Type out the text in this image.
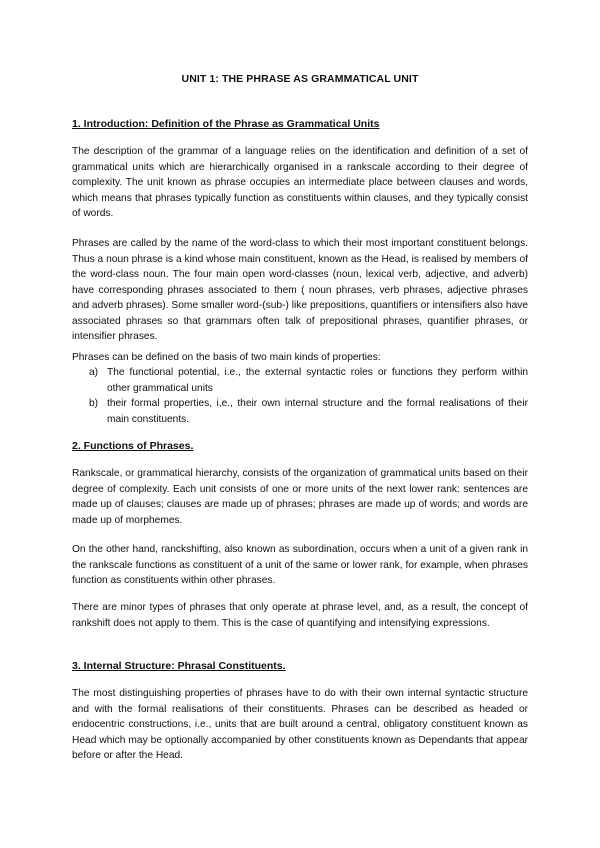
UNIT 1: THE PHRASE AS GRAMMATICAL UNIT
1. Introduction: Definition of the Phrase as Grammatical Units

The description of the grammar of a language relies on the identification and definition of a set of grammatical units which are hierarchically organised in a rankscale according to their degree of complexity. The unit known as phrase occupies an intermediate place between clauses and words, which means that phrases typically function as constituents within clauses, and they typically consist of words.

Phrases are called by the name of the word-class to which their most important constituent belongs. Thus a noun phrase is a kind whose main constituent, known as the Head, is realised by members of the word-class noun. The four main open word-classes (noun, lexical verb, adjective, and adverb) have corresponding phrases associated to them ( noun phrases, verb phrases, adjective phrases and adverb phrases). Some smaller word-(sub-) like prepositions, quantifiers or intensifiers also have associated phrases so that grammars often talk of prepositional phrases, quantifier phrases, or intensifier phrases.

Phrases can be defined on the basis of two main kinds of properties:

a) The functional potential, i.e., the external syntactic roles or functions they perform within other grammatical units
b) their formal properties, i,e., their own internal structure and the formal realisations of their main constituents.
2. Functions of Phrases.

Rankscale, or grammatical hierarchy, consists of the organization of grammatical units based on their degree of complexity. Each unit consists of one or more units of the next lower rank: sentences are made up of clauses; clauses are made up of phrases; phrases are made up of words; and words are made up of morphemes.

On the other hand, ranckshifting, also known as subordination, occurs when a unit of a given rank in the rankscale functions as constituent of a unit of the same or lower rank, for example, when phrases function as constituents within other phrases.

There are minor types of phrases that only operate at phrase level, and, as a result, the concept of rankshift does not apply to them. This is the case of quantifying and intensifying expressions.

3. Internal Structure: Phrasal Constituents.

The most distinguishing properties of phrases have to do with their own internal syntactic structure and with the formal realisations of their constituents. Phrases can be described as headed or endocentric constructions, i.e., units that are built around a central, obligatory constituent known as Head which may be optionally accompanied by other constituents known as Dependants that appear before or after the Head.
